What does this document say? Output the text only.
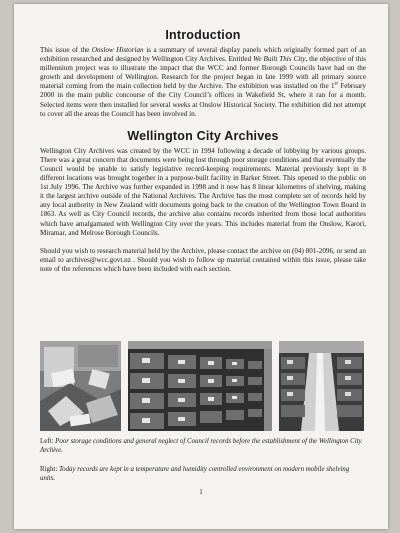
Introduction

This issue of the Onslow Historian is a summary of several display panels which originally formed part of an exhibition researched and designed by Wellington City Archives. Entitled We Built This City, the objective of this millennium project was to illustrate the impact that the WCC and former Borough Councils have had on the growth and development of Wellington. Research for the project began in late 1999 with all primary source material coming from the main collection held by the Archive. The exhibition was installed on the 1st February 2000 in the main public concourse of the City Council’s offices in Wakefield St, where it ran for a month. Selected items were then installed for several weeks at Onslow Historical Society. The exhibition did not attempt to cover all the areas the Council has been involved in.

Wellington City Archives

Wellington City Archives was created by the WCC in 1994 following a decade of lobbying by various groups. There was a great concern that documents were being lost through poor storage conditions and that eventually the Council would be unable to satisfy legislative record-keeping requirements. Material previously kept in 8 different locations was brought together in a purpose-built facility in Barker Street. This opened to the public on 1st July 1996. The Archive was further expanded in 1998 and it now has 8 linear kilometres of shelving, making it the largest archive outside of the National Archives. The Archive has the most complete set of records held by any local authority in New Zealand with documents going back to the creation of the Wellington Town Board in 1863. As well as City Council records, the archive also contains records inherited from those local authorities which have amalgamated with Wellington City over the years. This includes material from the Onslow, Karori, Miramar, and Melrose Borough Councils.

Should you wish to research material held by the Archive, please contact the archive on (04) 801-2096, or send an email to archives@wcc.govt.nz . Should you wish to follow up material contained within this issue, please take note of the references which have been included with each section.

Left: Poor storage conditions and general neglect of Council records before the establishment of the Wellington City Archive.
Right: Today records are kept in a temperature and humidity controlled environment on modern mobile shelving units.
1
